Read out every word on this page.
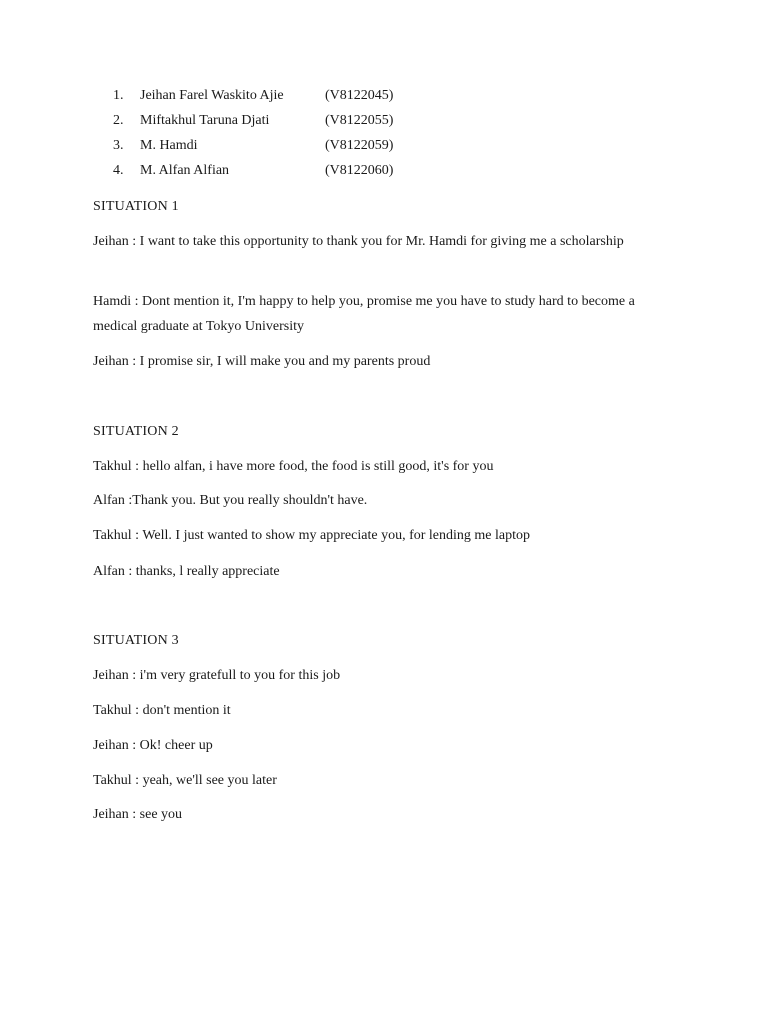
1. Jeihan Farel Waskito Ajie	(V8122045)
2. Miftakhul Taruna Djati	(V8122055)
3. M. Hamdi	(V8122059)
4. M. Alfan Alfian	(V8122060)

SITUATION 1

Jeihan : I want to take this opportunity to thank you for Mr. Hamdi for giving me a scholarship

Hamdi : Dont mention it, I'm happy to help you, promise me you have to study hard to become a medical graduate at Tokyo University

Jeihan : I promise sir, I will make you and my parents proud

SITUATION 2

Takhul : hello alfan, i have more food, the food is still good, it's for you

Alfan :Thank you. But you really shouldn't have.

Takhul : Well. I just wanted to show my appreciate you, for lending me laptop

Alfan : thanks, l really appreciate

SITUATION 3

Jeihan : i'm very gratefull to you for this job

Takhul : don't mention it

Jeihan : Ok! cheer up

Takhul : yeah, we'll see you later

Jeihan : see you
